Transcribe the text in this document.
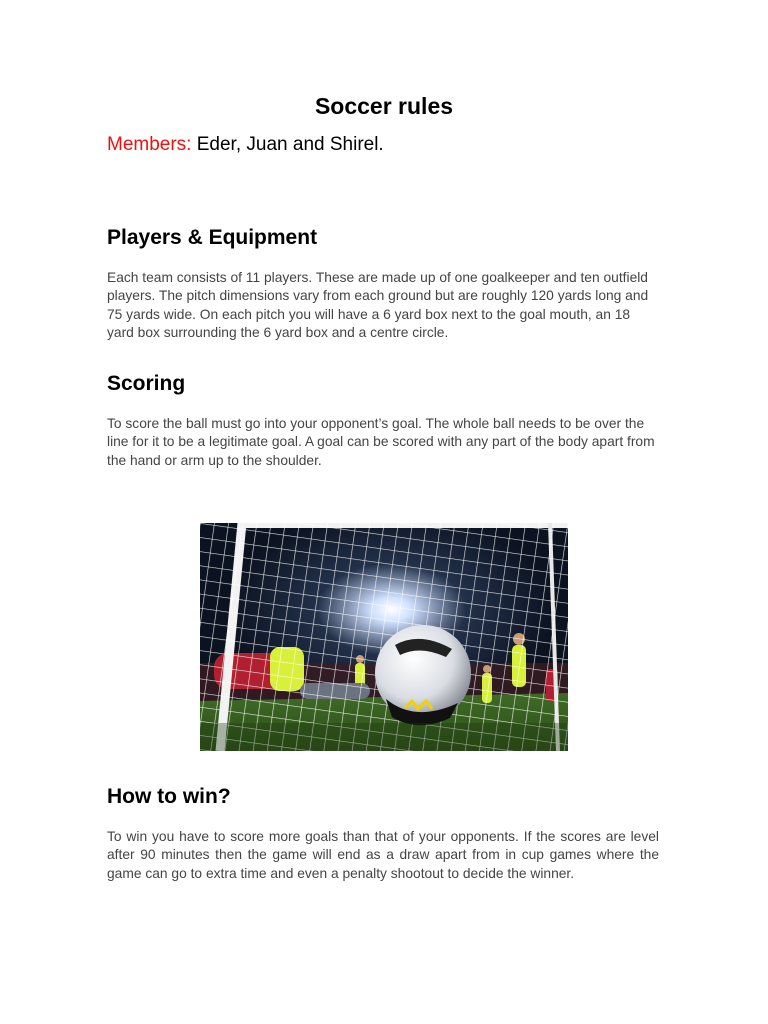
Soccer rules

Members: Eder, Juan and Shirel.

Players & Equipment

Each team consists of 11 players. These are made up of one goalkeeper and ten outfield players. The pitch dimensions vary from each ground but are roughly 120 yards long and 75 yards wide. On each pitch you will have a 6 yard box next to the goal mouth, an 18 yard box surrounding the 6 yard box and a centre circle.

Scoring

To score the ball must go into your opponent’s goal. The whole ball needs to be over the line for it to be a legitimate goal. A goal can be scored with any part of the body apart from the hand or arm up to the shoulder.

How to win?

To win you have to score more goals than that of your opponents. If the scores are level after 90 minutes then the game will end as a draw apart from in cup games where the game can go to extra time and even a penalty shootout to decide the winner.
